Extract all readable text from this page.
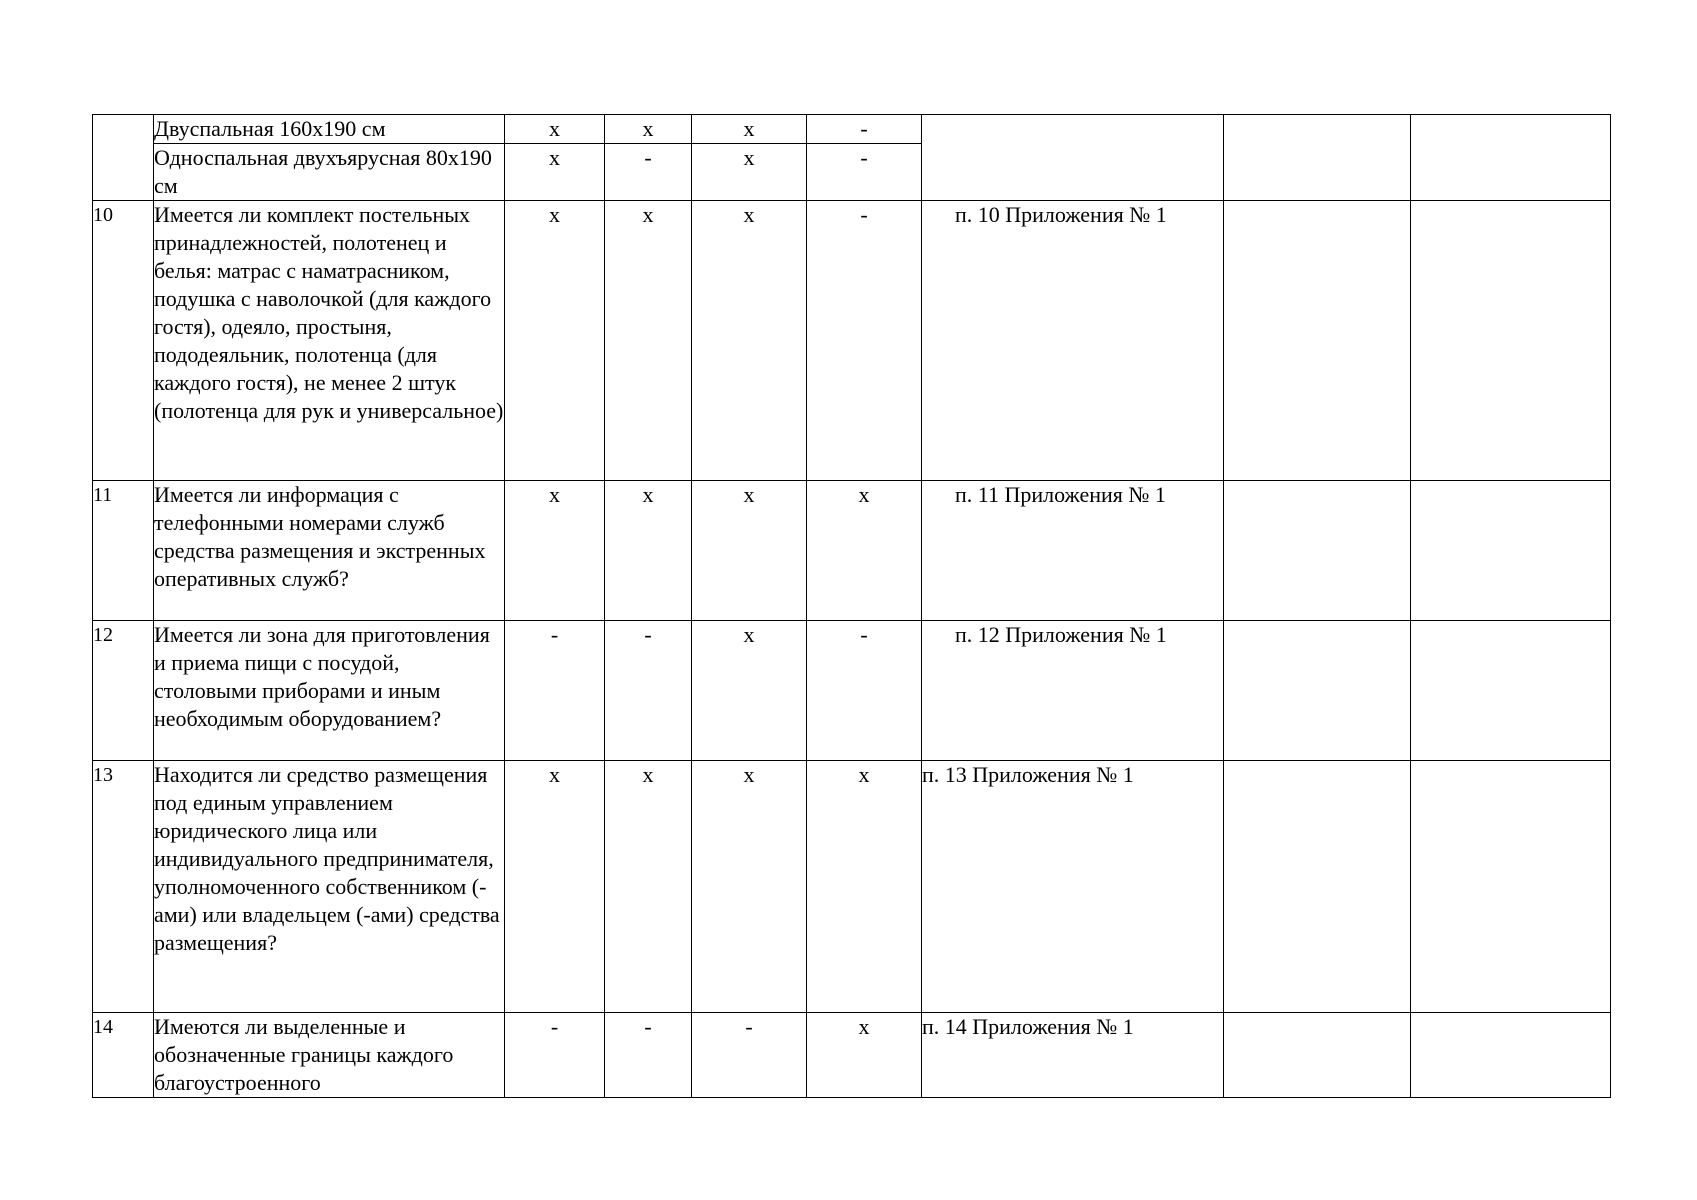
	Двуспальная 160x190 см	x	x	x	-			
	Односпальная двухъярусная 80x190 см	x	-	x	-			
10	Имеется ли комплект постельных принадлежностей, полотенец и белья: матрас с наматрасником, подушка с наволочкой (для каждого гостя), одеяло, простыня, пододеяльник, полотенца (для каждого гостя), не менее 2 штук (полотенца для рук и универсальное)	x	x	x	-	п. 10 Приложения № 1		
11	Имеется ли информация с телефонными номерами служб средства размещения и экстренных оперативных служб?	x	x	x	x	п. 11 Приложения № 1		
12	Имеется ли зона для приготовления и приема пищи с посудой, столовыми приборами и иным необходимым оборудованием?	-	-	x	-	п. 12 Приложения № 1		
13	Находится ли средство размещения под единым управлением юридического лица или индивидуального предпринимателя, уполномоченного собственником (-ами) или владельцем (-ами) средства размещения?	x	x	x	x	п. 13 Приложения № 1		
14	Имеются ли выделенные и обозначенные границы каждого благоустроенного	-	-	-	x	п. 14 Приложения № 1		
